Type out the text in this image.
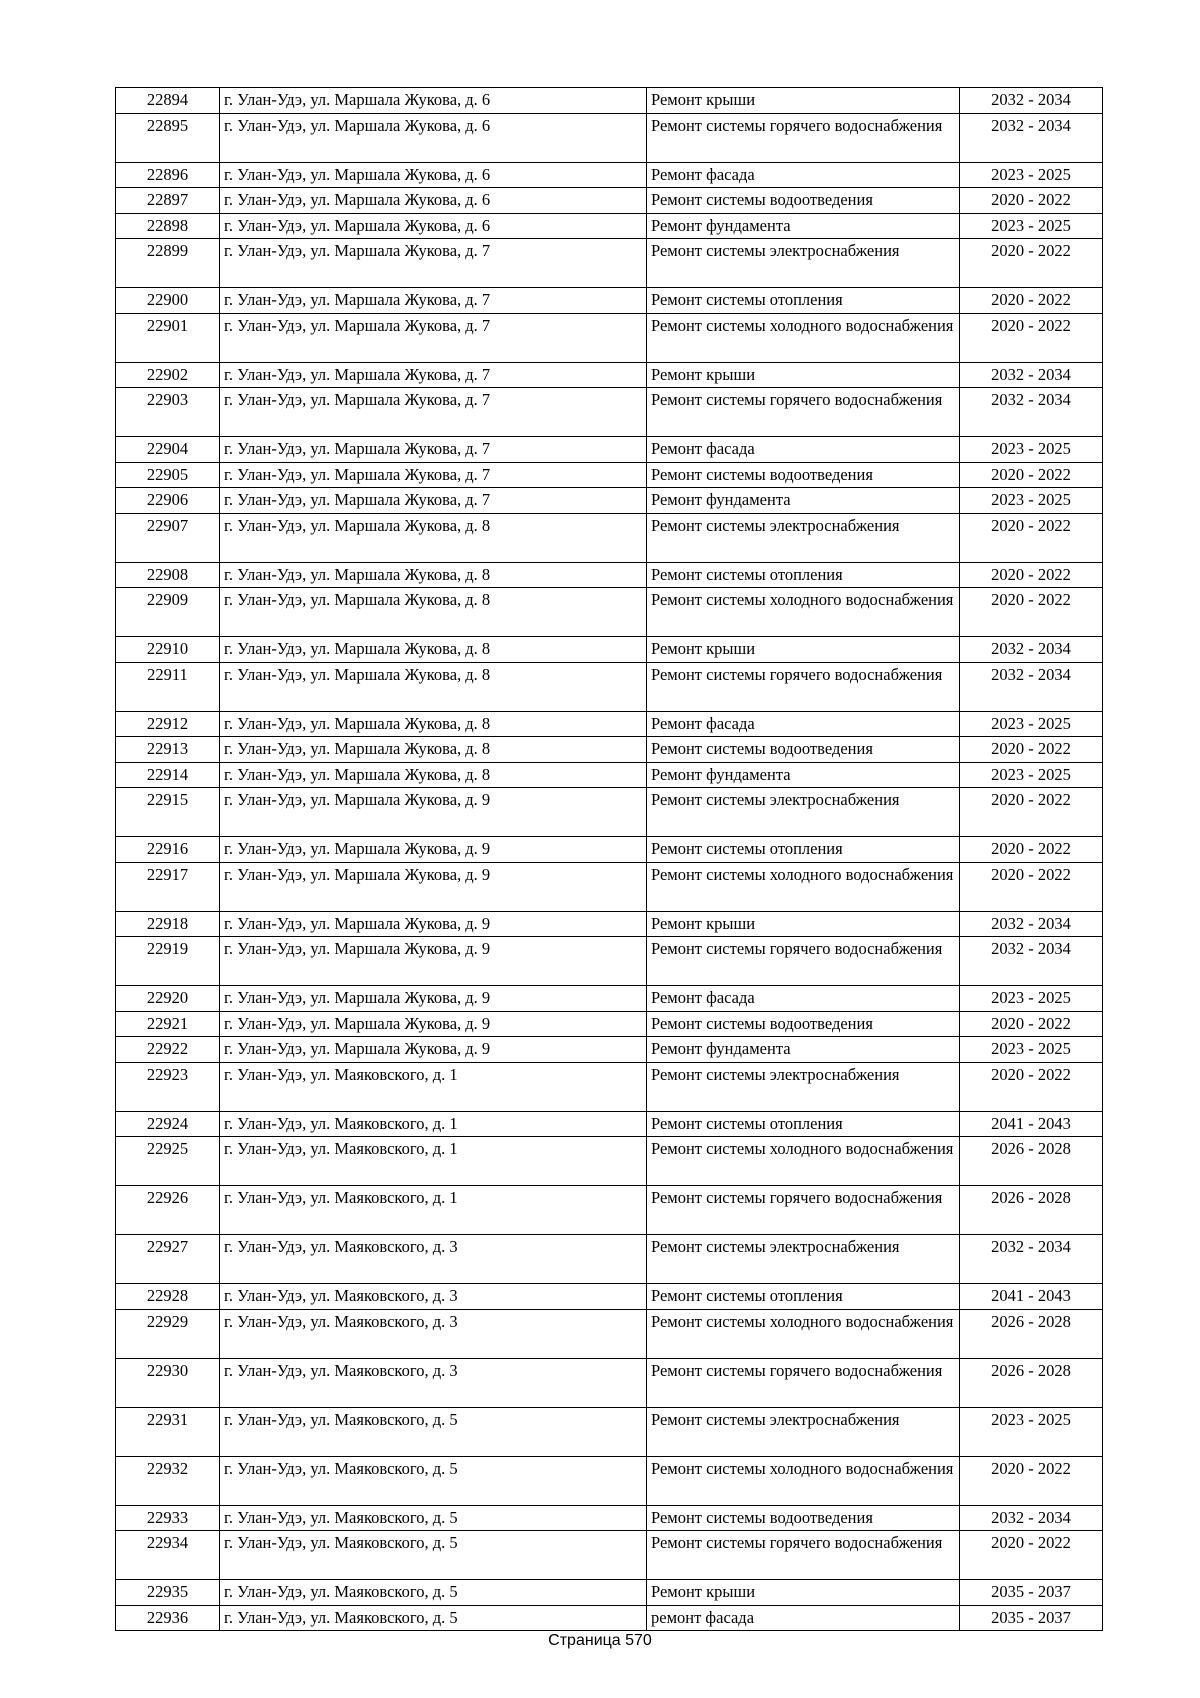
22894	г. Улан-Удэ, ул. Маршала Жукова, д. 6	Ремонт крыши	2032 - 2034
22895	г. Улан-Удэ, ул. Маршала Жукова, д. 6	Ремонт системы горячего водоснабжения	2032 - 2034
22896	г. Улан-Удэ, ул. Маршала Жукова, д. 6	Ремонт фасада	2023 - 2025
22897	г. Улан-Удэ, ул. Маршала Жукова, д. 6	Ремонт системы водоотведения	2020 - 2022
22898	г. Улан-Удэ, ул. Маршала Жукова, д. 6	Ремонт фундамента	2023 - 2025
22899	г. Улан-Удэ, ул. Маршала Жукова, д. 7	Ремонт системы электроснабжения	2020 - 2022
22900	г. Улан-Удэ, ул. Маршала Жукова, д. 7	Ремонт системы отопления	2020 - 2022
22901	г. Улан-Удэ, ул. Маршала Жукова, д. 7	Ремонт системы холодного водоснабжения	2020 - 2022
22902	г. Улан-Удэ, ул. Маршала Жукова, д. 7	Ремонт крыши	2032 - 2034
22903	г. Улан-Удэ, ул. Маршала Жукова, д. 7	Ремонт системы горячего водоснабжения	2032 - 2034
22904	г. Улан-Удэ, ул. Маршала Жукова, д. 7	Ремонт фасада	2023 - 2025
22905	г. Улан-Удэ, ул. Маршала Жукова, д. 7	Ремонт системы водоотведения	2020 - 2022
22906	г. Улан-Удэ, ул. Маршала Жукова, д. 7	Ремонт фундамента	2023 - 2025
22907	г. Улан-Удэ, ул. Маршала Жукова, д. 8	Ремонт системы электроснабжения	2020 - 2022
22908	г. Улан-Удэ, ул. Маршала Жукова, д. 8	Ремонт системы отопления	2020 - 2022
22909	г. Улан-Удэ, ул. Маршала Жукова, д. 8	Ремонт системы холодного водоснабжения	2020 - 2022
22910	г. Улан-Удэ, ул. Маршала Жукова, д. 8	Ремонт крыши	2032 - 2034
22911	г. Улан-Удэ, ул. Маршала Жукова, д. 8	Ремонт системы горячего водоснабжения	2032 - 2034
22912	г. Улан-Удэ, ул. Маршала Жукова, д. 8	Ремонт фасада	2023 - 2025
22913	г. Улан-Удэ, ул. Маршала Жукова, д. 8	Ремонт системы водоотведения	2020 - 2022
22914	г. Улан-Удэ, ул. Маршала Жукова, д. 8	Ремонт фундамента	2023 - 2025
22915	г. Улан-Удэ, ул. Маршала Жукова, д. 9	Ремонт системы электроснабжения	2020 - 2022
22916	г. Улан-Удэ, ул. Маршала Жукова, д. 9	Ремонт системы отопления	2020 - 2022
22917	г. Улан-Удэ, ул. Маршала Жукова, д. 9	Ремонт системы холодного водоснабжения	2020 - 2022
22918	г. Улан-Удэ, ул. Маршала Жукова, д. 9	Ремонт крыши	2032 - 2034
22919	г. Улан-Удэ, ул. Маршала Жукова, д. 9	Ремонт системы горячего водоснабжения	2032 - 2034
22920	г. Улан-Удэ, ул. Маршала Жукова, д. 9	Ремонт фасада	2023 - 2025
22921	г. Улан-Удэ, ул. Маршала Жукова, д. 9	Ремонт системы водоотведения	2020 - 2022
22922	г. Улан-Удэ, ул. Маршала Жукова, д. 9	Ремонт фундамента	2023 - 2025
22923	г. Улан-Удэ, ул. Маяковского, д. 1	Ремонт системы электроснабжения	2020 - 2022
22924	г. Улан-Удэ, ул. Маяковского, д. 1	Ремонт системы отопления	2041 - 2043
22925	г. Улан-Удэ, ул. Маяковского, д. 1	Ремонт системы холодного водоснабжения	2026 - 2028
22926	г. Улан-Удэ, ул. Маяковского, д. 1	Ремонт системы горячего водоснабжения	2026 - 2028
22927	г. Улан-Удэ, ул. Маяковского, д. 3	Ремонт системы электроснабжения	2032 - 2034
22928	г. Улан-Удэ, ул. Маяковского, д. 3	Ремонт системы отопления	2041 - 2043
22929	г. Улан-Удэ, ул. Маяковского, д. 3	Ремонт системы холодного водоснабжения	2026 - 2028
22930	г. Улан-Удэ, ул. Маяковского, д. 3	Ремонт системы горячего водоснабжения	2026 - 2028
22931	г. Улан-Удэ, ул. Маяковского, д. 5	Ремонт системы электроснабжения	2023 - 2025
22932	г. Улан-Удэ, ул. Маяковского, д. 5	Ремонт системы холодного водоснабжения	2020 - 2022
22933	г. Улан-Удэ, ул. Маяковского, д. 5	Ремонт системы водоотведения	2032 - 2034
22934	г. Улан-Удэ, ул. Маяковского, д. 5	Ремонт системы горячего водоснабжения	2020 - 2022
22935	г. Улан-Удэ, ул. Маяковского, д. 5	Ремонт крыши	2035 - 2037
22936	г. Улан-Удэ, ул. Маяковского, д. 5	ремонт фасада	2035 - 2037
Страница 570
